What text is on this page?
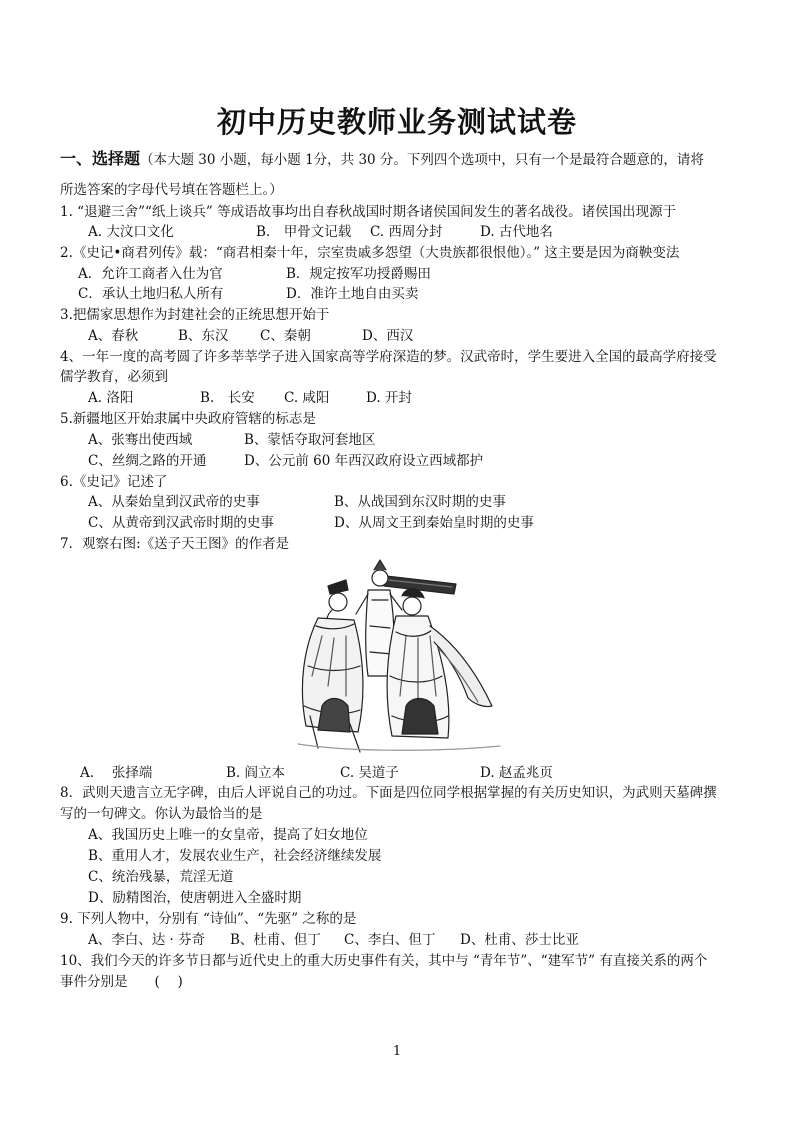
初中历史教师业务测试试卷
一、选择题（本大题 30 小题，每小题 1分，共 30 分。下列四个选项中，只有一个是最符合题意的，请将
所选答案的字母代号填在答题栏上。）
1. “退避三舍”“纸上谈兵” 等成语故事均出自春秋战国时期各诸侯国间发生的著名战役。诸侯国出现源于
A. 大汶口文化	B.　甲骨文记载 C. 西周分封	D. 古代地名
2.《史记•商君列传》载：“商君相秦十年，宗室贵戚多怨望（大贵族都很恨他）。” 这主要是因为商鞅变法
A．允许工商者入仕为官	B．规定按军功授爵赐田
C．承认土地归私人所有	D．准许土地自由买卖
3.把儒家思想作为封建社会的正统思想开始于
A、春秋	B、东汉 C、秦朝	D、西汉
4、一年一度的高考圆了许多莘莘学子进入国家高等学府深造的梦。汉武帝时，学生要进入全国的最高学府接受
儒学教育，必须到
A. 洛阳	B.　长安 C. 咸阳	D. 开封
5.新疆地区开始隶属中央政府管辖的标志是
A、张骞出使西域	B、蒙恬夺取河套地区
C、丝绸之路的开通	D、公元前 60 年西汉政府设立西域都护
6.《史记》记述了
A、从秦始皇到汉武帝的史事	B、从战国到东汉时期的史事
C、从黄帝到汉武帝时期的史事	D、从周文王到秦始皇时期的史事
7．观察右图:《送子天王图》的作者是
A.　 张择端	B. 阎立本	C. 吴道子	D. 赵孟兆页
8．武则天遗言立无字碑，由后人评说自己的功过。下面是四位同学根据掌握的有关历史知识，为武则天墓碑撰
写的一句碑文。你认为最恰当的是
A、我国历史上唯一的女皇帝，提高了妇女地位
B、重用人才，发展农业生产，社会经济继续发展
C、统治残暴，荒淫无道
D、励精图治，使唐朝进入全盛时期
9. 下列人物中，分别有 “诗仙”、“先驱” 之称的是
A、李白、达 · 芬奇 B、杜甫、但丁 C、李白、但丁 D、杜甫、莎士比亚
10、我们今天的许多节日都与近代史上的重大历史事件有关，其中与 “青年节”、“建军节” 有直接关系的两个
事件分别是　　(　 )
1
